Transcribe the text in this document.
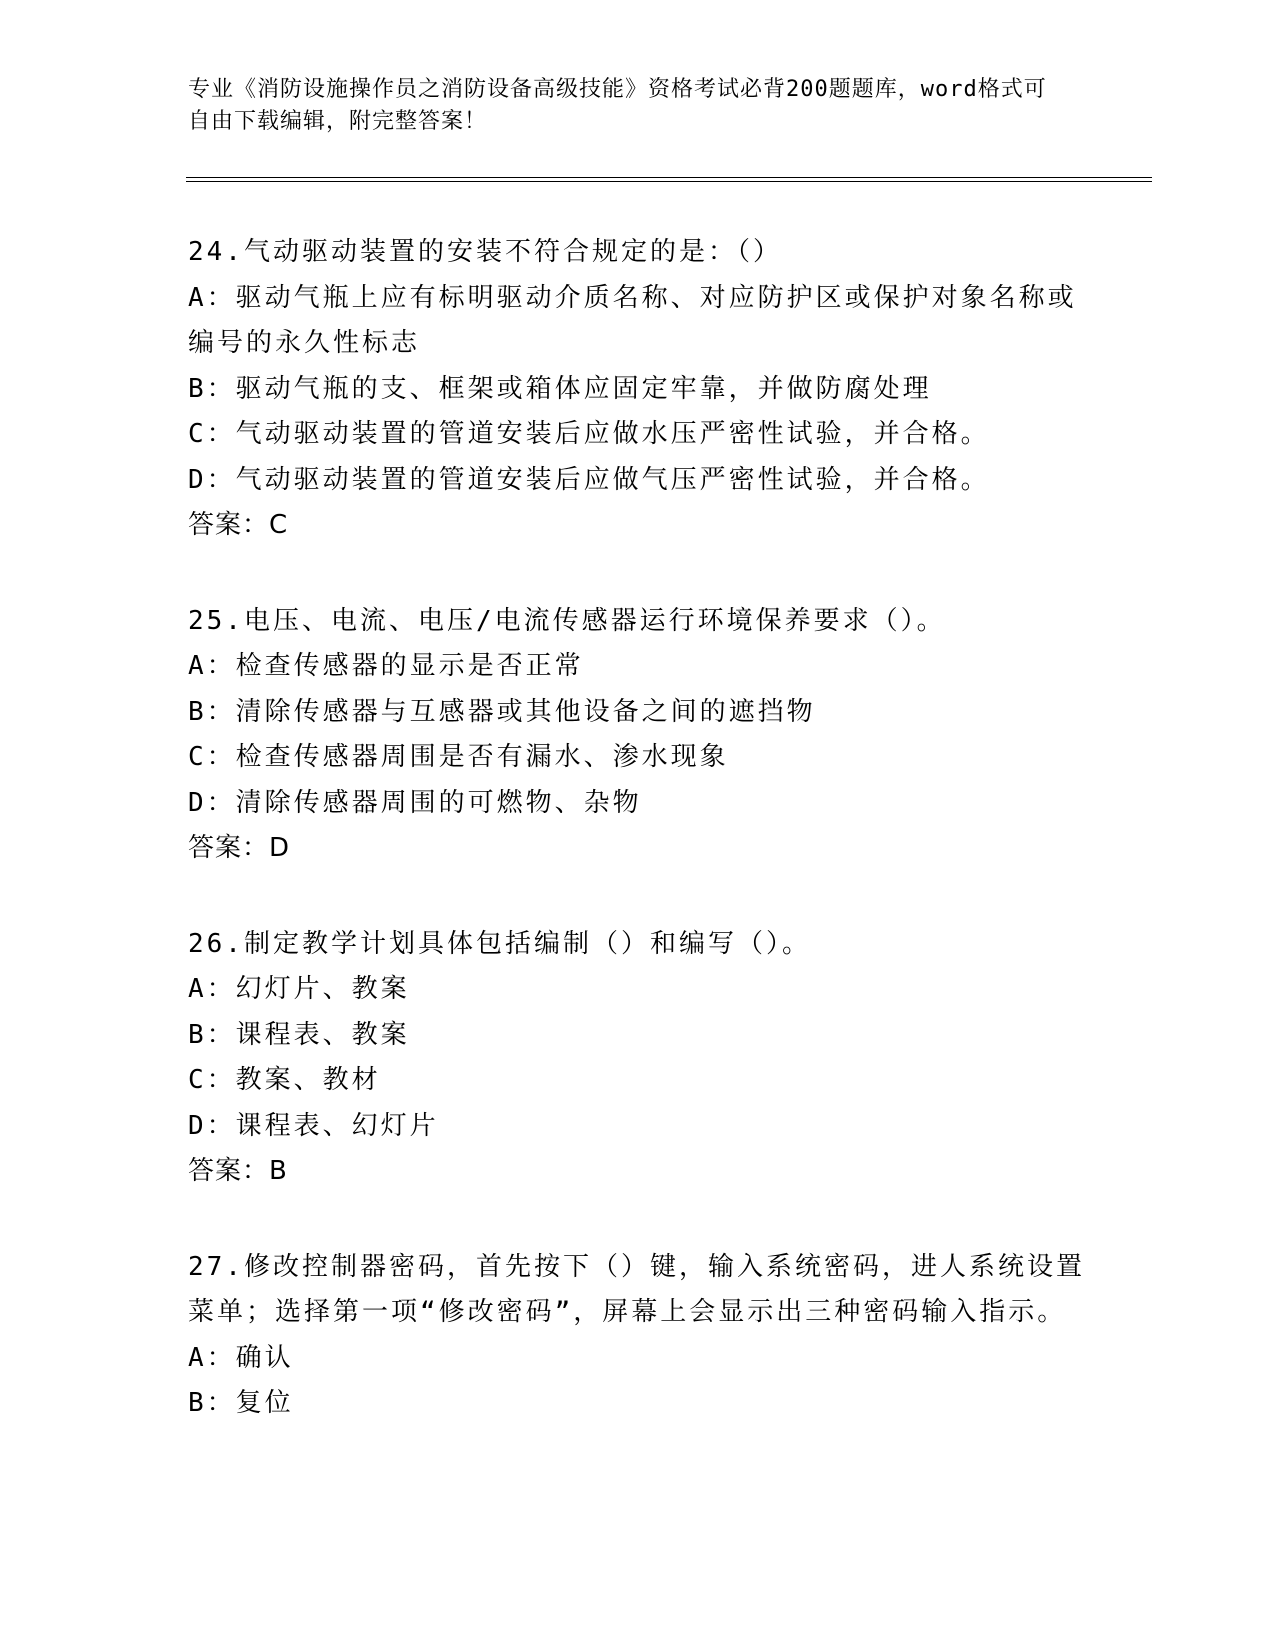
专业《消防设施操作员之消防设备高级技能》资格考试必背200题题库，word格式可自由下载编辑，附完整答案！

24.气动驱动装置的安装不符合规定的是：（）

A：驱动气瓶上应有标明驱动介质名称、对应防护区或保护对象名称或编号的永久性标志

B：驱动气瓶的支、框架或箱体应固定牢靠，并做防腐处理

C：气动驱动装置的管道安装后应做水压严密性试验，并合格。

D：气动驱动装置的管道安装后应做气压严密性试验，并合格。

答案：C

25.电压、电流、电压/电流传感器运行环境保养要求（）。

A：检查传感器的显示是否正常

B：清除传感器与互感器或其他设备之间的遮挡物

C：检查传感器周围是否有漏水、渗水现象

D：清除传感器周围的可燃物、杂物

答案：D

26.制定教学计划具体包括编制（）和编写（）。

A：幻灯片、教案

B：课程表、教案

C：教案、教材

D：课程表、幻灯片

答案：B

27.修改控制器密码，首先按下（）键，输入系统密码，进人系统设置菜单；选择第一项“修改密码”，屏幕上会显示出三种密码输入指示。

A：确认

B：复位
